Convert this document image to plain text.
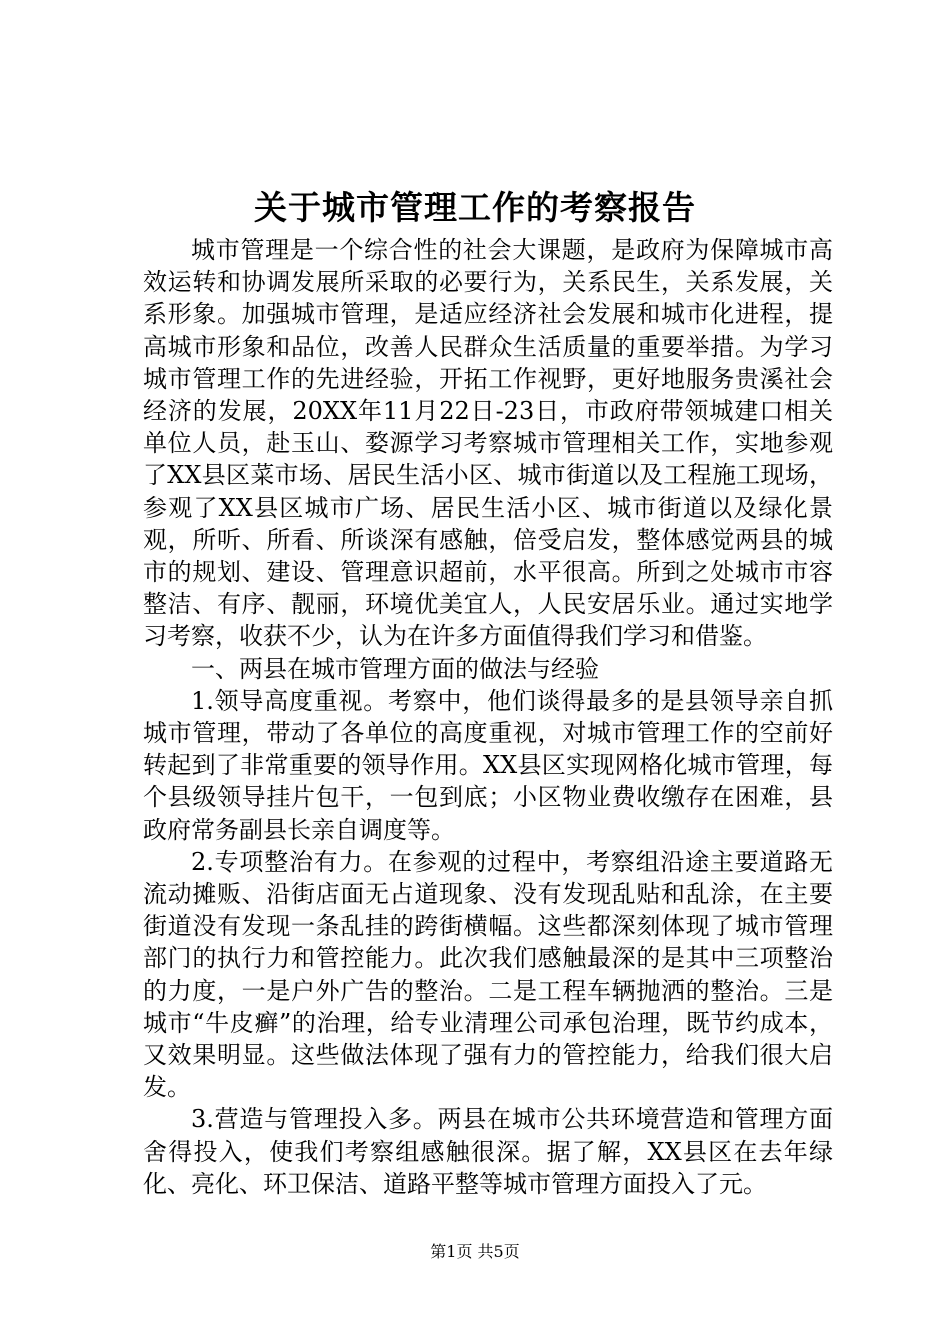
关于城市管理工作的考察报告

城市管理是一个综合性的社会大课题，是政府为保障城市高效运转和协调发展所采取的必要行为，关系民生，关系发展，关系形象。加强城市管理，是适应经济社会发展和城市化进程，提高城市形象和品位，改善人民群众生活质量的重要举措。为学习城市管理工作的先进经验，开拓工作视野，更好地服务贵溪社会经济的发展，20XX年11月22日-23日，市政府带领城建口相关单位人员，赴玉山、婺源学习考察城市管理相关工作，实地参观了XX县区菜市场、居民生活小区、城市街道以及工程施工现场，参观了XX县区城市广场、居民生活小区、城市街道以及绿化景观，所听、所看、所谈深有感触，倍受启发，整体感觉两县的城市的规划、建设、管理意识超前，水平很高。所到之处城市市容整洁、有序、靓丽，环境优美宜人，人民安居乐业。通过实地学习考察，收获不少，认为在许多方面值得我们学习和借鉴。

一、两县在城市管理方面的做法与经验

1.领导高度重视。考察中，他们谈得最多的是县领导亲自抓城市管理，带动了各单位的高度重视，对城市管理工作的空前好转起到了非常重要的领导作用。XX县区实现网格化城市管理，每个县级领导挂片包干，一包到底；小区物业费收缴存在困难，县政府常务副县长亲自调度等。

2.专项整治有力。在参观的过程中，考察组沿途主要道路无流动摊贩、沿街店面无占道现象、没有发现乱贴和乱涂，在主要街道没有发现一条乱挂的跨街横幅。这些都深刻体现了城市管理部门的执行力和管控能力。此次我们感触最深的是其中三项整治的力度，一是户外广告的整治。二是工程车辆抛洒的整治。三是城市“牛皮癣”的治理，给专业清理公司承包治理，既节约成本，又效果明显。这些做法体现了强有力的管控能力，给我们很大启发。

3.营造与管理投入多。两县在城市公共环境营造和管理方面舍得投入，使我们考察组感触很深。据了解，XX县区在去年绿化、亮化、环卫保洁、道路平整等城市管理方面投入了元。

第1页 共5页
